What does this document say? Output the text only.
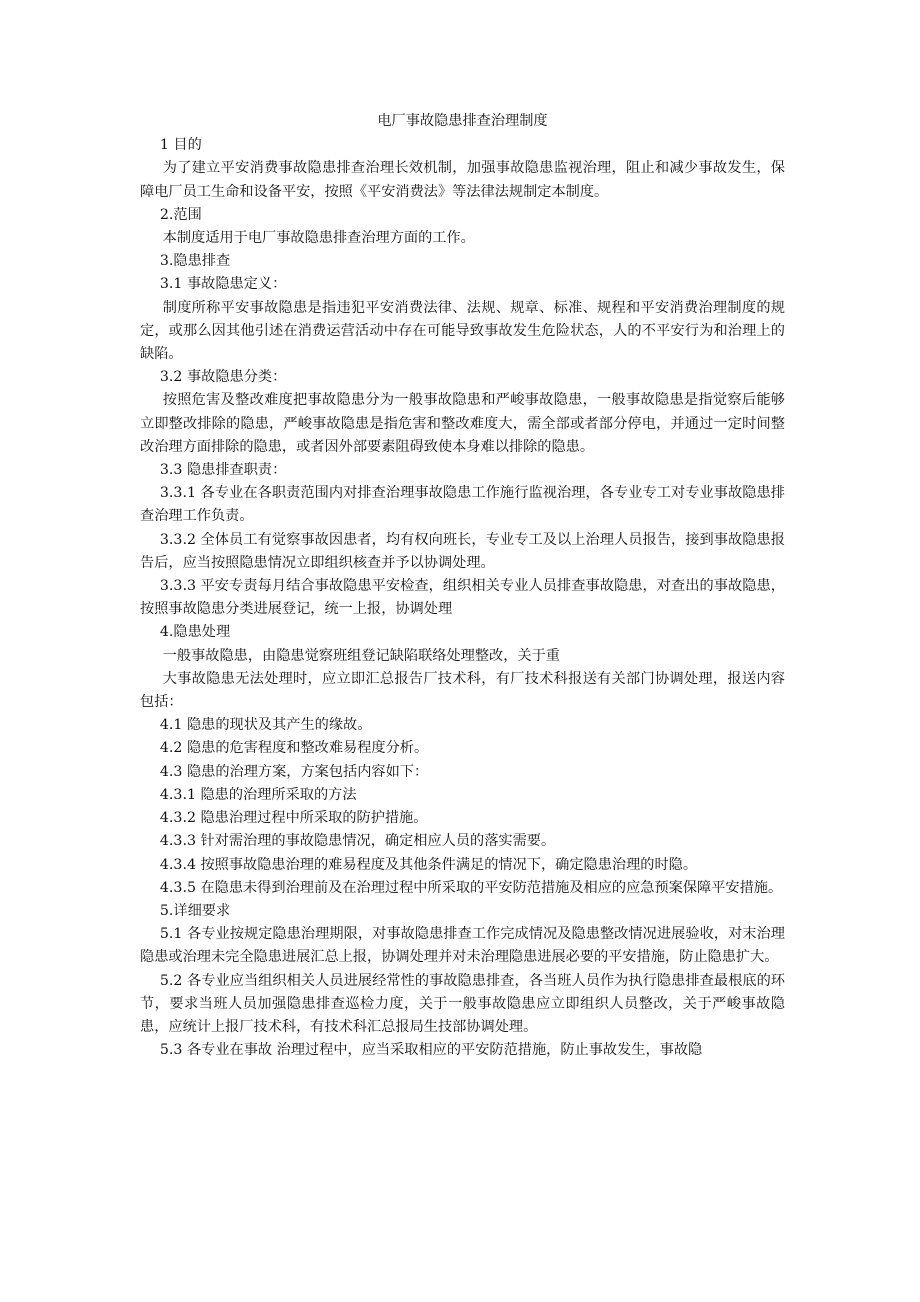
电厂事故隐患排查治理制度

1 目的

为了建立平安消费事故隐患排查治理长效机制，加强事故隐患监视治理，阻止和减少事故发生，保障电厂员工生命和设备平安，按照《平安消费法》等法律法规制定本制度。

2.范围

本制度适用于电厂事故隐患排查治理方面的工作。

3.隐患排查

3.1 事故隐患定义：

制度所称平安事故隐患是指违犯平安消费法律、法规、规章、标准、规程和平安消费治理制度的规定，或那么因其他引述在消费运营活动中存在可能导致事故发生危险状态，人的不平安行为和治理上的缺陷。

3.2 事故隐患分类：

按照危害及整改难度把事故隐患分为一般事故隐患和严峻事故隐患，一般事故隐患是指觉察后能够立即整改排除的隐患，严峻事故隐患是指危害和整改难度大，需全部或者部分停电，并通过一定时间整改治理方面排除的隐患，或者因外部要素阻碍致使本身难以排除的隐患。

3.3 隐患排查职责：

3.3.1 各专业在各职责范围内对排查治理事故隐患工作施行监视治理，各专业专工对专业事故隐患排查治理工作负责。

3.3.2 全体员工有觉察事故因患者，均有权向班长，专业专工及以上治理人员报告，接到事故隐患报告后，应当按照隐患情况立即组织核查并予以协调处理。

3.3.3 平安专责每月结合事故隐患平安检查，组织相关专业人员排查事故隐患，对查出的事故隐患，按照事故隐患分类进展登记，统一上报，协调处理

4.隐患处理

一般事故隐患，由隐患觉察班组登记缺陷联络处理整改，关于重

大事故隐患无法处理时，应立即汇总报告厂技术科，有厂技术科报送有关部门协调处理，报送内容包括：

4.1 隐患的现状及其产生的缘故。

4.2 隐患的危害程度和整改难易程度分析。

4.3 隐患的治理方案，方案包括内容如下：

4.3.1 隐患的治理所采取的方法

4.3.2 隐患治理过程中所采取的防护措施。

4.3.3 针对需治理的事故隐患情况，确定相应人员的落实需要。

4.3.4 按照事故隐患治理的难易程度及其他条件满足的情况下，确定隐患治理的时隐。

4.3.5 在隐患未得到治理前及在治理过程中所采取的平安防范措施及相应的应急预案保障平安措施。

5.详细要求

5.1 各专业按规定隐患治理期限，对事故隐患排查工作完成情况及隐患整改情况进展验收，对末治理隐患或治理未完全隐患进展汇总上报，协调处理并对未治理隐患进展必要的平安措施，防止隐患扩大。

5.2 各专业应当组织相关人员进展经常性的事故隐患排查，各当班人员作为执行隐患排查最根底的环节，要求当班人员加强隐患排查巡检力度，关于一般事故隐患应立即组织人员整改，关于严峻事故隐患，应统计上报厂技术科，有技术科汇总报局生技部协调处理。

5.3 各专业在事故 治理过程中，应当采取相应的平安防范措施，防止事故发生，事故隐
